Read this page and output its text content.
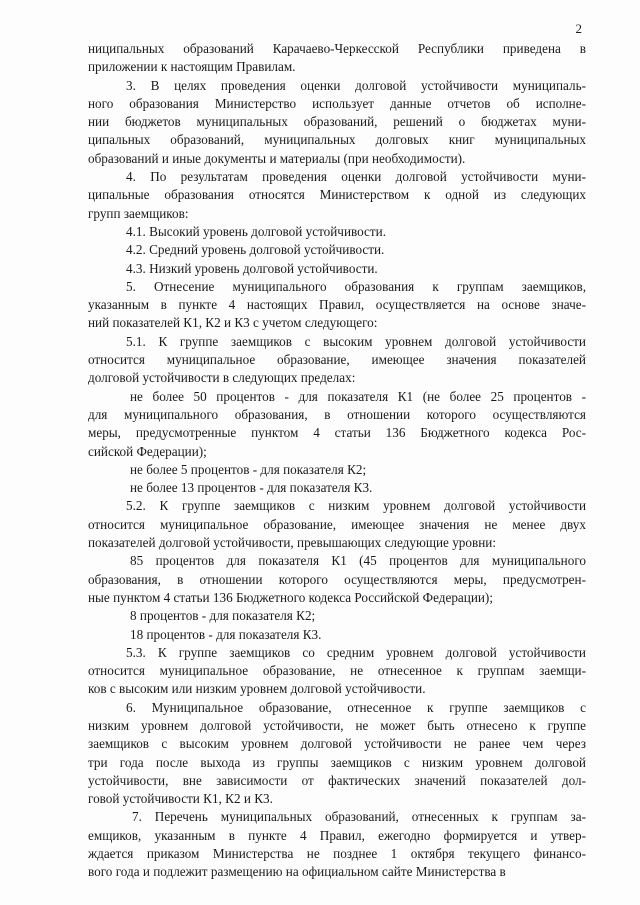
2
ниципальных образований Карачаево-Черкесской Республики приведена в
приложении к настоящим Правилам.
3. В целях проведения оценки долговой устойчивости муниципаль-
ного образования Министерство использует данные отчетов об исполне-
нии бюджетов муниципальных образований, решений о бюджетах муни-
ципальных образований, муниципальных долговых книг муниципальных
образований и иные документы и материалы (при необходимости).
4. По результатам проведения оценки долговой устойчивости муни-
ципальные образования относятся Министерством к одной из следующих
групп заемщиков:
4.1. Высокий уровень долговой устойчивости.
4.2. Средний уровень долговой устойчивости.
4.3. Низкий уровень долговой устойчивости.
5. Отнесение муниципального образования к группам заемщиков,
указанным в пункте 4 настоящих Правил, осуществляется на основе значе-
ний показателей К1, К2 и К3 с учетом следующего:
5.1. К группе заемщиков с высоким уровнем долговой устойчивости
относится муниципальное образование, имеющее значения показателей
долговой устойчивости в следующих пределах:
не более 50 процентов - для показателя К1 (не более 25 процентов -
для муниципального образования, в отношении которого осуществляются
меры, предусмотренные пунктом 4 статьи 136 Бюджетного кодекса Рос-
сийской Федерации);
не более 5 процентов - для показателя К2;
не более 13 процентов - для показателя К3.
5.2. К группе заемщиков с низким уровнем долговой устойчивости
относится муниципальное образование, имеющее значения не менее двух
показателей долговой устойчивости, превышающих следующие уровни:
85 процентов для показателя К1 (45 процентов для муниципального
образования, в отношении которого осуществляются меры, предусмотрен-
ные пунктом 4 статьи 136 Бюджетного кодекса Российской Федерации);
8 процентов - для показателя К2;
18 процентов - для показателя К3.
5.3. К группе заемщиков со средним уровнем долговой устойчивости
относится муниципальное образование, не отнесенное к группам заемщи-
ков с высоким или низким уровнем долговой устойчивости.
6. Муниципальное образование, отнесенное к группе заемщиков с
низким уровнем долговой устойчивости, не может быть отнесено к группе
заемщиков с высоким уровнем долговой устойчивости не ранее чем через
три года после выхода из группы заемщиков с низким уровнем долговой
устойчивости, вне зависимости от фактических значений показателей дол-
говой устойчивости К1, К2 и К3.
7. Перечень муниципальных образований, отнесенных к группам за-
емщиков, указанным в пункте 4 Правил, ежегодно формируется и утвер-
ждается приказом Министерства не позднее 1 октября текущего финансо-
вого года и подлежит размещению на официальном сайте Министерства в
